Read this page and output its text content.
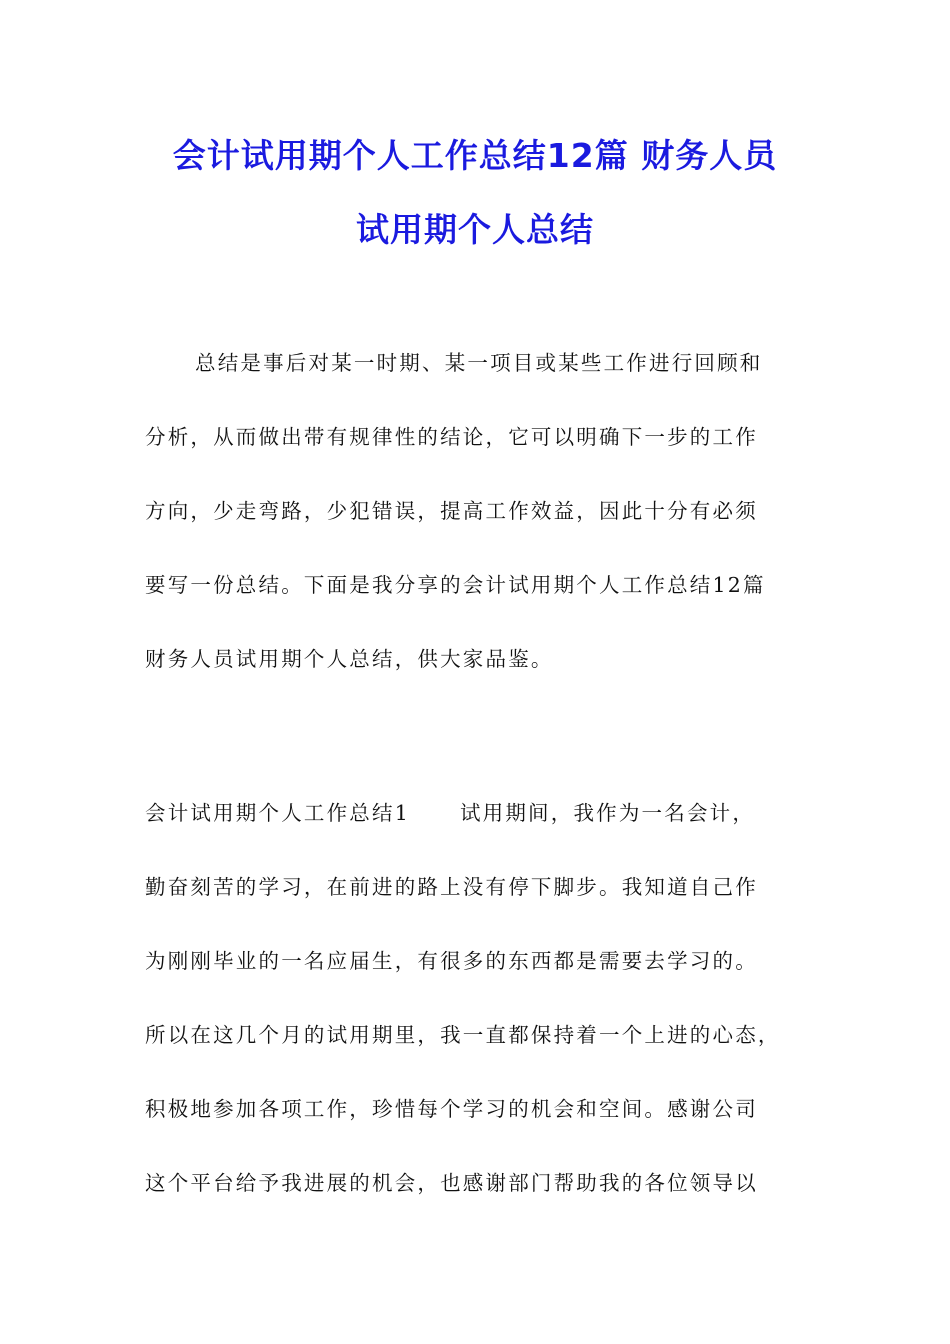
会计试用期个人工作总结12篇 财务人员
试用期个人总结
总结是事后对某一时期、某一项目或某些工作进行回顾和
分析，从而做出带有规律性的结论，它可以明确下一步的工作
方向，少走弯路，少犯错误，提高工作效益，因此十分有必须
要写一份总结。下面是我分享的会计试用期个人工作总结12篇
财务人员试用期个人总结，供大家品鉴。
会计试用期个人工作总结1 试用期间，我作为一名会计，
勤奋刻苦的学习，在前进的路上没有停下脚步。我知道自己作
为刚刚毕业的一名应届生，有很多的东西都是需要去学习的。
所以在这几个月的试用期里，我一直都保持着一个上进的心态，
积极地参加各项工作，珍惜每个学习的机会和空间。感谢公司
这个平台给予我进展的机会，也感谢部门帮助我的各位领导以
